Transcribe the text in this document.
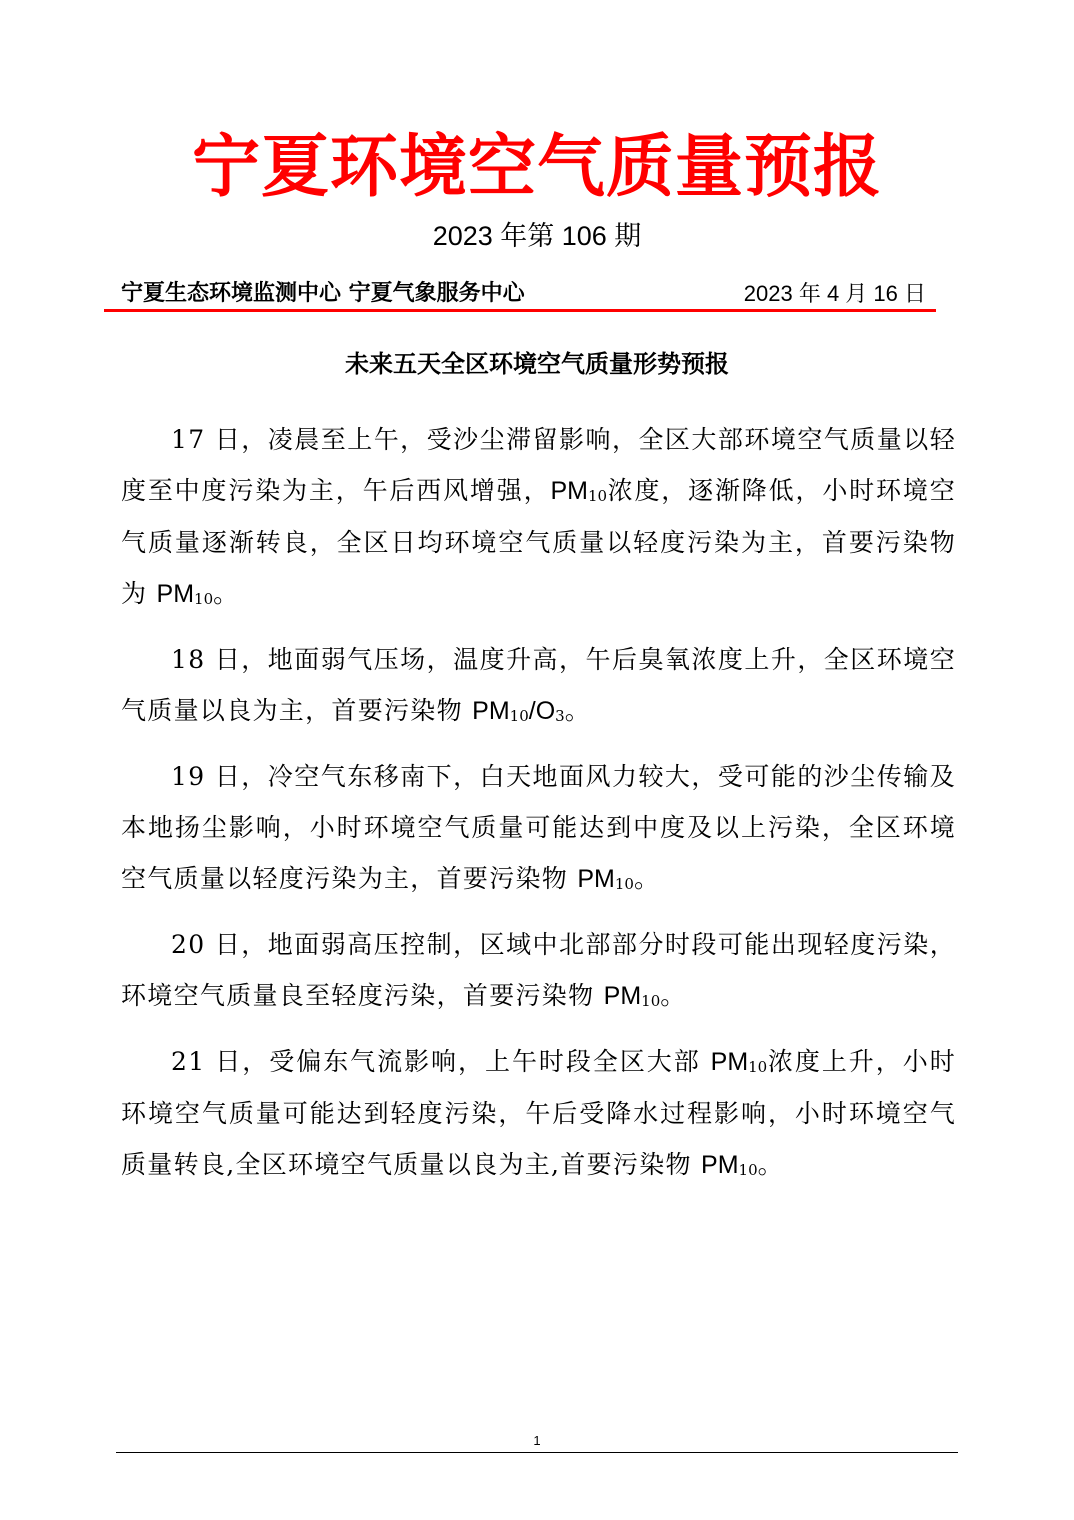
宁夏环境空气质量预报
2023 年第 106 期
宁夏生态环境监测中心 宁夏气象服务中心	2023 年 4 月 16 日
未来五天全区环境空气质量形势预报

17 日，凌晨至上午，受沙尘滞留影响，全区大部环境空气质量以轻度至中度污染为主，午后西风增强，$PM_{10}$浓度，逐渐降低，小时环境空气质量逐渐转良，全区日均环境空气质量以轻度污染为主，首要污染物为 $PM_{10}$。

18 日，地面弱气压场，温度升高，午后臭氧浓度上升，全区环境空气质量以良为主，首要污染物 $PM_{10}/O_3$。

19 日，冷空气东移南下，白天地面风力较大，受可能的沙尘传输及本地扬尘影响，小时环境空气质量可能达到中度及以上污染，全区环境空气质量以轻度污染为主，首要污染物 $PM_{10}$。

20 日，地面弱高压控制，区域中北部部分时段可能出现轻度污染，环境空气质量良至轻度污染，首要污染物 $PM_{10}$。

21 日，受偏东气流影响，上午时段全区大部 $PM_{10}$浓度上升，小时环境空气质量可能达到轻度污染，午后受降水过程影响，小时环境空气质量转良,全区环境空气质量以良为主,首要污染物 $PM_{10}$。

1
